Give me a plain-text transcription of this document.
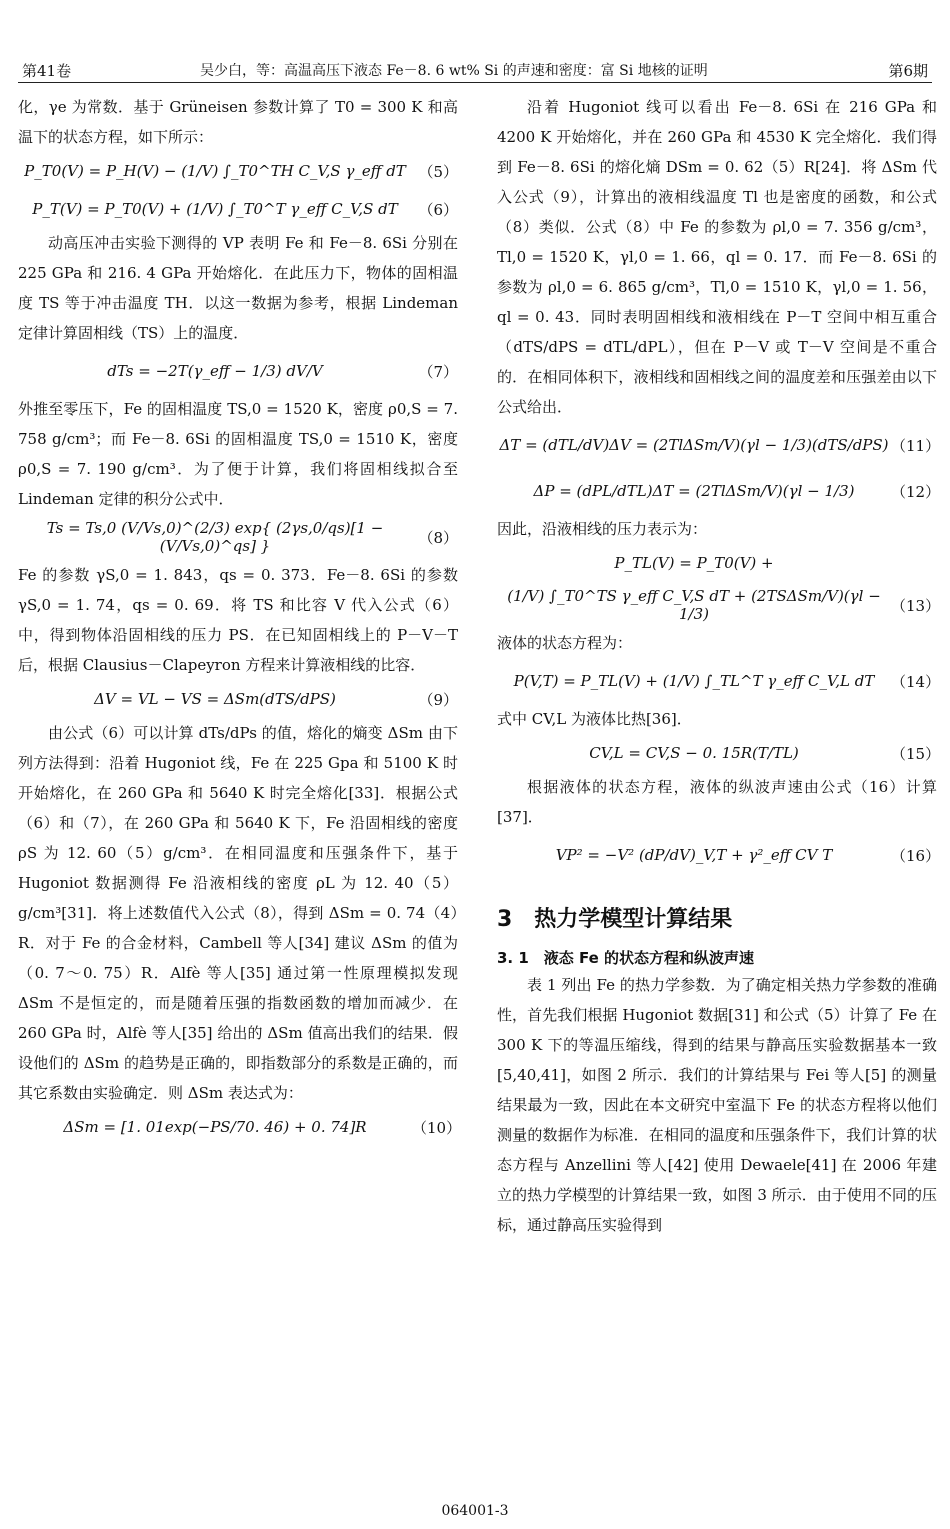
第41卷	吴少白，等：高温高压下液态 Fe－8. 6 wt% Si 的声速和密度：富 Si 地核的证明	第6期

化，γe 为常数．基于 Grüneisen 参数计算了 T0 = 300 K 和高温下的状态方程，如下所示：

P_T0(V) = P_H(V) − (1/V) ∫_T0^TH C_V,S γ_eff dT （5）
P_T(V) = P_T0(V) + (1/V) ∫_T0^T γ_eff C_V,S dT	（6）

动高压冲击实验下测得的 VP 表明 Fe 和 Fe－8. 6Si 分别在 225 GPa 和 216. 4 GPa 开始熔化．在此压力下，物体的固相温度 TS 等于冲击温度 TH．以这一数据为参考，根据 Lindeman 定律计算固相线（TS）上的温度．

dTs = −2T(γ_eff − 1/3) dV/V	（7）

外推至零压下，Fe 的固相温度 TS,0 = 1520 K，密度 ρ0,S = 7. 758 g/cm³；而 Fe－8. 6Si 的固相温度 TS,0 = 1510 K，密度 ρ0,S = 7. 190 g/cm³．为了便于计算，我们将固相线拟合至 Lindeman 定律的积分公式中．

Ts = Ts,0 (V/Vs,0)^(2/3) exp{ (2γs,0/qs)[1 − (V/Vs,0)^qs] }	（8）

Fe 的参数 γS,0 = 1. 843，qs = 0. 373．Fe－8. 6Si 的参数 γS,0 = 1. 74，qs = 0. 69．将 TS 和比容 V 代入公式（6）中，得到物体沿固相线的压力 PS．在已知固相线上的 P－V－T 后，根据 Clausius－Clapeyron 方程来计算液相线的比容．

ΔV = VL − VS = ΔSm(dTS/dPS)	（9）

由公式（6）可以计算 dTs/dPs 的值，熔化的熵变 ΔSm 由下列方法得到：沿着 Hugoniot 线，Fe 在 225 Gpa 和 5100 K 时开始熔化，在 260 GPa 和 5640 K 时完全熔化[33]．根据公式（6）和（7），在 260 GPa 和 5640 K 下，Fe 沿固相线的密度 ρS 为 12. 60（5）g/cm³．在相同温度和压强条件下，基于 Hugoniot 数据测得 Fe 沿液相线的密度 ρL 为 12. 40（5）g/cm³[31]．将上述数值代入公式（8），得到 ΔSm = 0. 74（4）R．对于 Fe 的合金材料，Cambell 等人[34] 建议 ΔSm 的值为（0. 7～0. 75）R．Alfè 等人[35] 通过第一性原理模拟发现 ΔSm 不是恒定的，而是随着压强的指数函数的增加而减少．在 260 GPa 时，Alfè 等人[35] 给出的 ΔSm 值高出我们的结果．假设他们的 ΔSm 的趋势是正确的，即指数部分的系数是正确的，而其它系数由实验确定．则 ΔSm 表达式为：

ΔSm = [1. 01exp(−PS/70. 46) + 0. 74]R	（10）

沿着 Hugoniot 线可以看出 Fe－8. 6Si 在 216 GPa 和 4200 K 开始熔化，并在 260 GPa 和 4530 K 完全熔化．我们得到 Fe－8. 6Si 的熔化熵 DSm = 0. 62（5）R[24]．将 ΔSm 代入公式（9），计算出的液相线温度 Tl 也是密度的函数，和公式（8）类似．公式（8）中 Fe 的参数为 ρl,0 = 7. 356 g/cm³，Tl,0 = 1520 K，γl,0 = 1. 66，ql = 0. 17．而 Fe－8. 6Si 的参数为 ρl,0 = 6. 865 g/cm³，Tl,0 = 1510 K，γl,0 = 1. 56，ql = 0. 43．同时表明固相线和液相线在 P－T 空间中相互重合（dTS/dPS = dTL/dPL），但在 P－V 或 T－V 空间是不重合的．在相同体积下，液相线和固相线之间的温度差和压强差由以下公式给出．

ΔT = (dTL/dV)ΔV = (2TlΔSm/V)(γl − 1/3)(dTS/dPS) （11）
ΔP = (dPL/dTL)ΔT = (2TlΔSm/V)(γl − 1/3)	（12）

因此，沿液相线的压力表示为：

P_TL(V) = P_T0(V) +
(1/V) ∫_T0^TS γ_eff C_V,S dT + (2TSΔSm/V)(γl − 1/3)	（13）

液体的状态方程为：

P(V,T) = P_TL(V) + (1/V) ∫_TL^T γ_eff C_V,L dT	（14）

式中 CV,L 为液体比热[36]．

CV,L = CV,S − 0. 15R(T/TL)	（15）

根据液体的状态方程，液体的纵波声速由公式（16）计算[37]．

VP² = −V² (dP/dV)_V,T + γ²_eff CV T	（16）
3　热力学模型计算结果
3. 1　液态 Fe 的状态方程和纵波声速

表 1 列出 Fe 的热力学参数．为了确定相关热力学参数的准确性，首先我们根据 Hugoniot 数据[31] 和公式（5）计算了 Fe 在 300 K 下的等温压缩线，得到的结果与静高压实验数据基本一致[5,40,41]，如图 2 所示．我们的计算结果与 Fei 等人[5] 的测量结果最为一致，因此在本文研究中室温下 Fe 的状态方程将以他们测量的数据作为标准．在相同的温度和压强条件下，我们计算的状态方程与 Anzellini 等人[42] 使用 Dewaele[41] 在 2006 年建立的热力学模型的计算结果一致，如图 3 所示．由于使用不同的压标，通过静高压实验得到

064001-3
